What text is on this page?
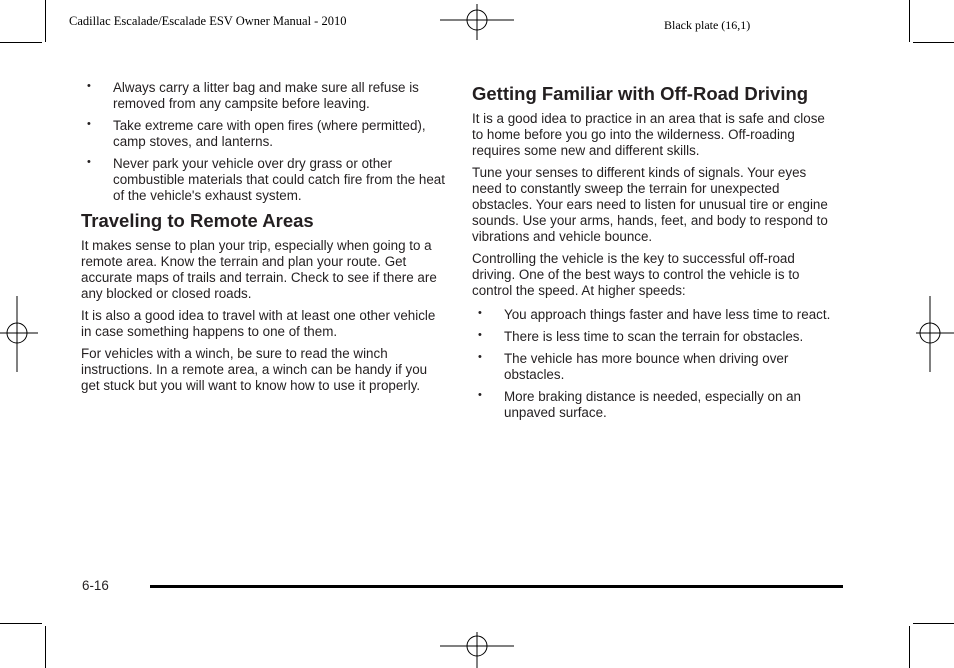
Cadillac Escalade/Escalade ESV Owner Manual - 2010	Black plate (16,1)
• Always carry a litter bag and make sure all refuse is removed from any campsite before leaving.
• Take extreme care with open fires (where permitted), camp stoves, and lanterns.
• Never park your vehicle over dry grass or other combustible materials that could catch fire from the heat of the vehicle's exhaust system.
Traveling to Remote Areas

It makes sense to plan your trip, especially when going to a remote area. Know the terrain and plan your route. Get accurate maps of trails and terrain. Check to see if there are any blocked or closed roads.

It is also a good idea to travel with at least one other vehicle in case something happens to one of them.

For vehicles with a winch, be sure to read the winch instructions. In a remote area, a winch can be handy if you get stuck but you will want to know how to use it properly.

Getting Familiar with Off-Road Driving

It is a good idea to practice in an area that is safe and close to home before you go into the wilderness. Off-roading requires some new and different skills.

Tune your senses to different kinds of signals. Your eyes need to constantly sweep the terrain for unexpected obstacles. Your ears need to listen for unusual tire or engine sounds. Use your arms, hands, feet, and body to respond to vibrations and vehicle bounce.

Controlling the vehicle is the key to successful off-road driving. One of the best ways to control the vehicle is to control the speed. At higher speeds:

• You approach things faster and have less time to react.
• There is less time to scan the terrain for obstacles.
• The vehicle has more bounce when driving over obstacles.
• More braking distance is needed, especially on an unpaved surface.
6-16
